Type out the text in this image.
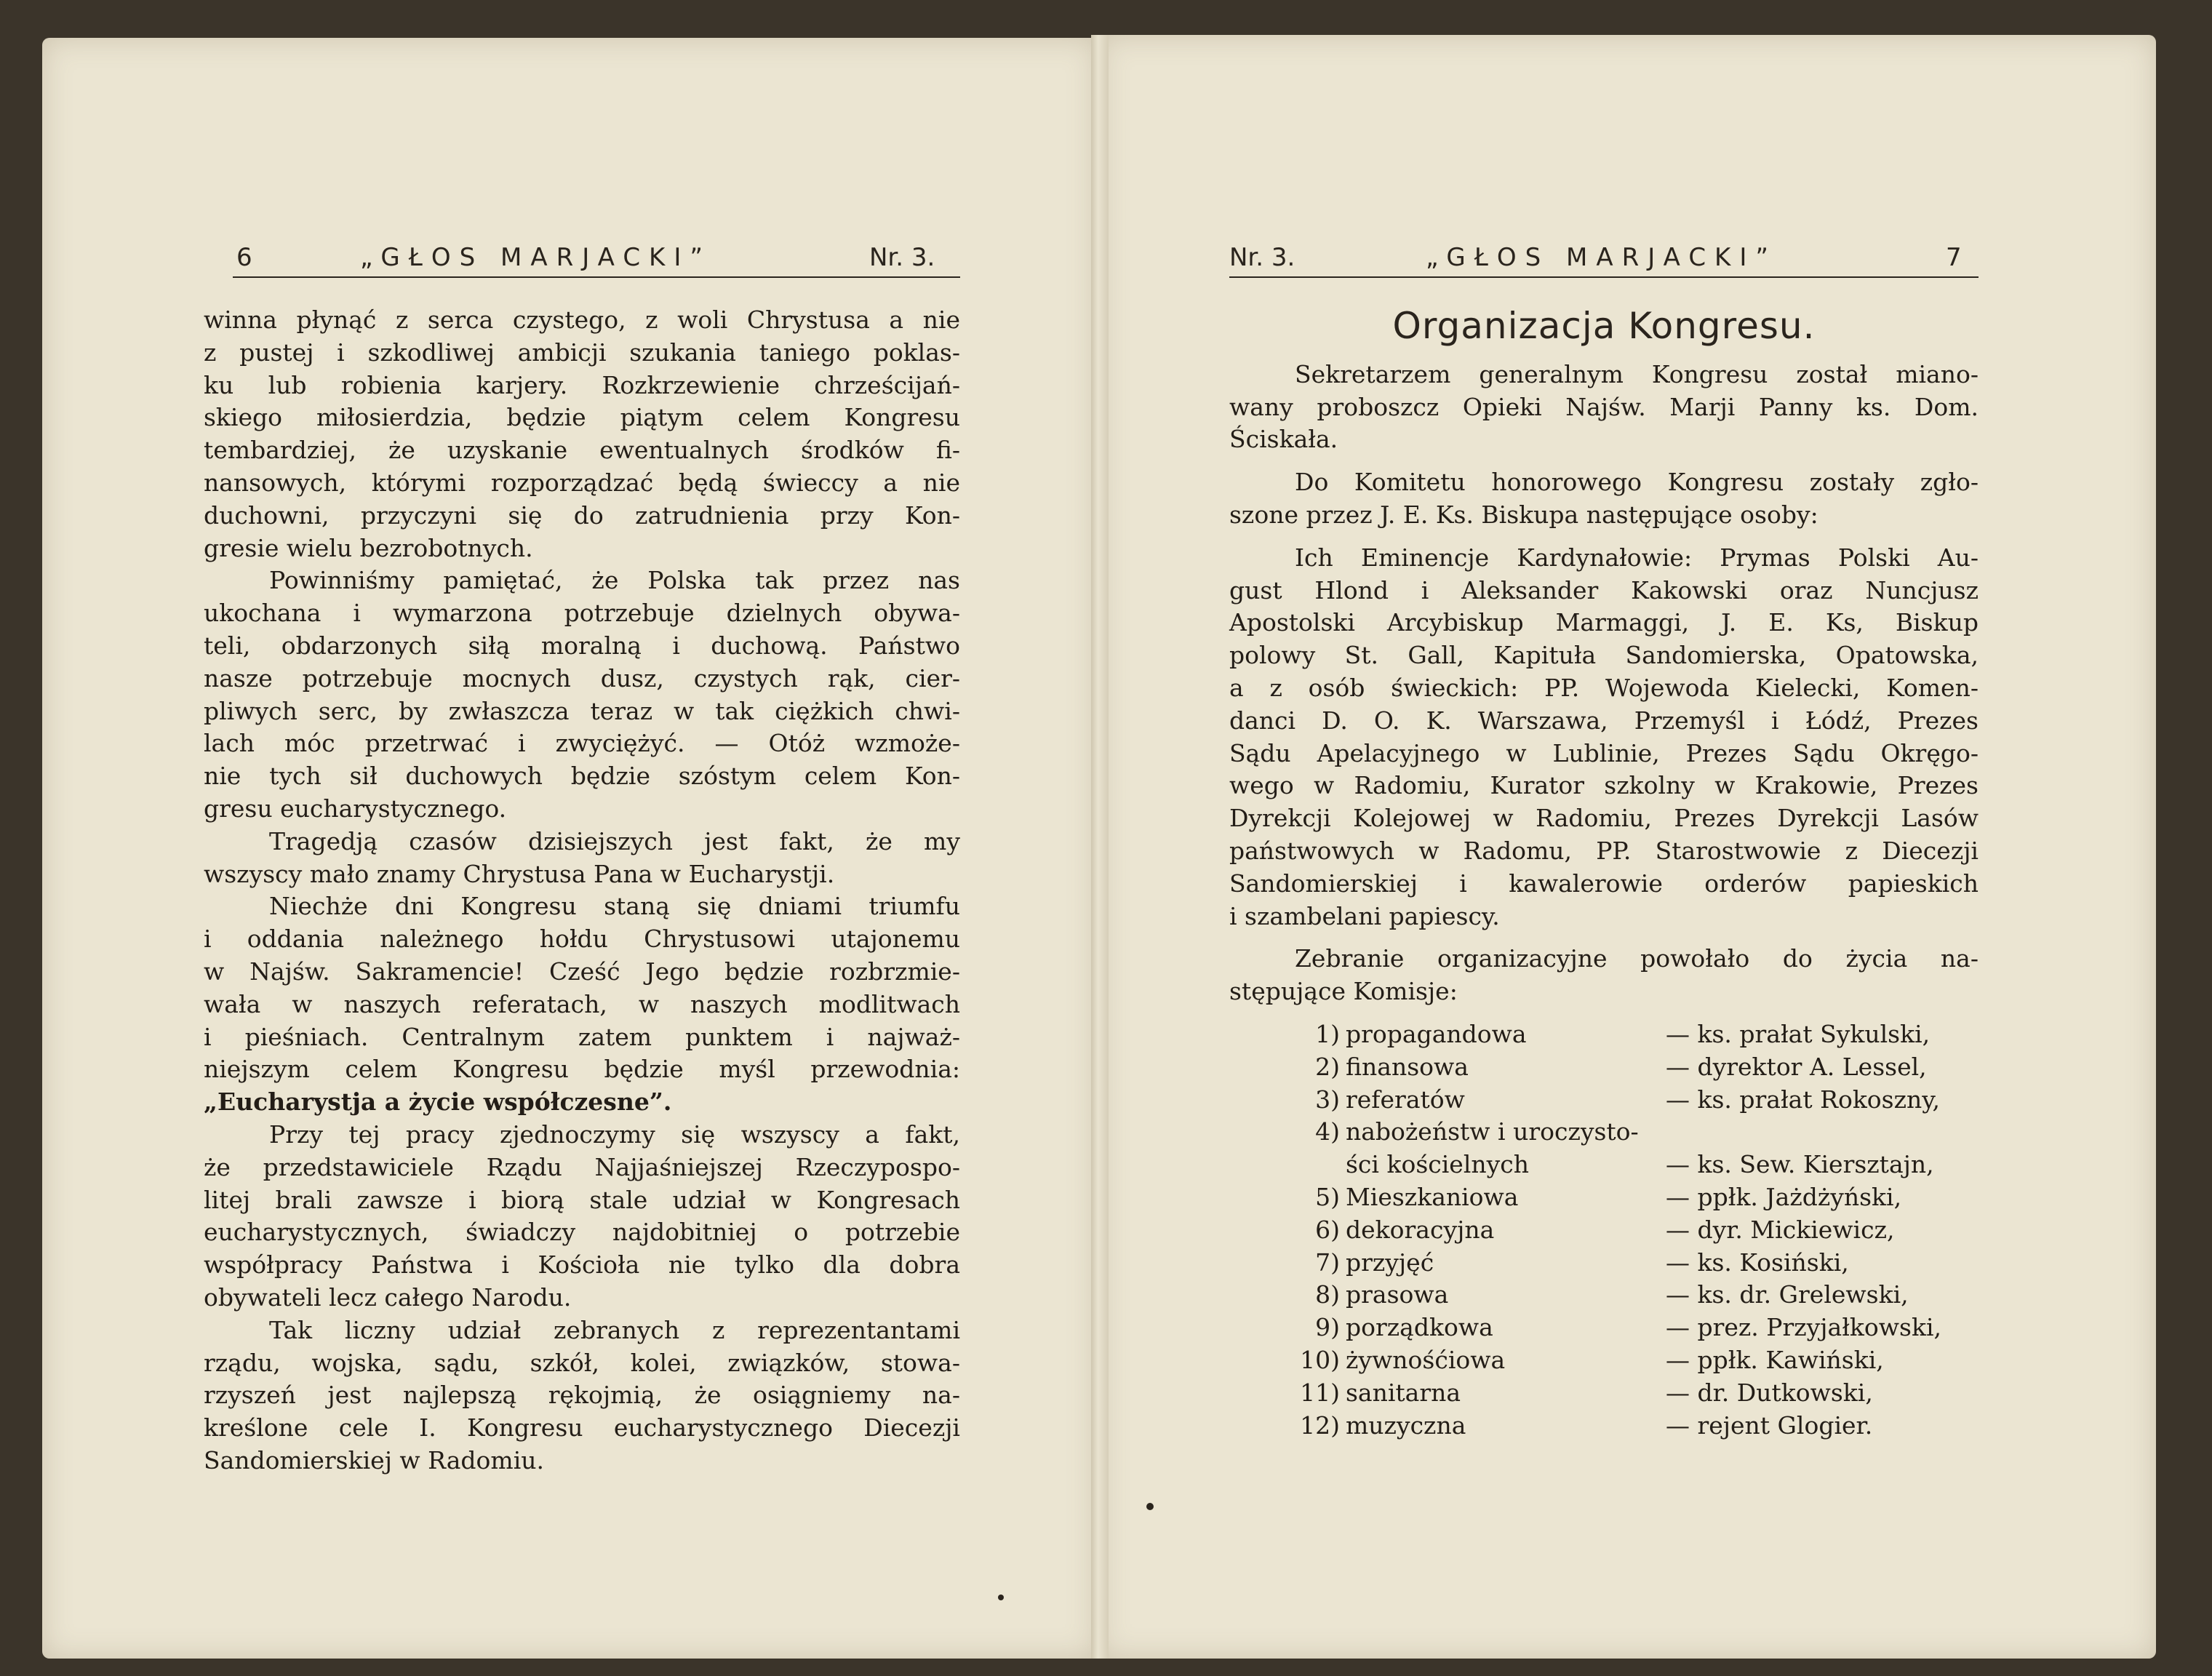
6	„GŁOS MARJACKI”	Nr. 3.	Nr. 3.	„GŁOS MARJACKI”	7
winna płynąć z serca czystego, z woli Chrystusa a nie
z pustej i szkodliwej ambicji szukania taniego poklas-
ku lub robienia karjery. Rozkrzewienie chrześcijań-
skiego miłosierdzia, będzie piątym celem Kongresu
tembardziej, że uzyskanie ewentualnych środków fi-
nansowych, którymi rozporządzać będą świeccy a nie
duchowni, przyczyni się do zatrudnienia przy Kon-
gresie wielu bezrobotnych.
Powinniśmy pamiętać, że Polska tak przez nas
ukochana i wymarzona potrzebuje dzielnych obywa-
teli, obdarzonych siłą moralną i duchową. Państwo
nasze potrzebuje mocnych dusz, czystych rąk, cier-
pliwych serc, by zwłaszcza teraz w tak ciężkich chwi-
lach móc przetrwać i zwyciężyć. — Otóż wzmoże-
nie tych sił duchowych będzie szóstym celem Kon-
gresu eucharystycznego.
Tragedją czasów dzisiejszych jest fakt, że my
wszyscy mało znamy Chrystusa Pana w Eucharystji.
Niechże dni Kongresu staną się dniami triumfu
i oddania należnego hołdu Chrystusowi utajonemu
w Najśw. Sakramencie! Cześć Jego będzie rozbrzmie-
wała w naszych referatach, w naszych modlitwach
i pieśniach. Centralnym zatem punktem i najważ-
niejszym celem Kongresu będzie myśl przewodnia:
„Eucharystja a życie współczesne”.
Przy tej pracy zjednoczymy się wszyscy a fakt,
że przedstawiciele Rządu Najjaśniejszej Rzeczypospo-
litej brali zawsze i biorą stale udział w Kongresach
eucharystycznych, świadczy najdobitniej o potrzebie
współpracy Państwa i Kościoła nie tylko dla dobra
obywateli lecz całego Narodu.
Tak liczny udział zebranych z reprezentantami
rządu, wojska, sądu, szkół, kolei, związków, stowa-
rzyszeń jest najlepszą rękojmią, że osiągniemy na-
kreślone cele I. Kongresu eucharystycznego Diecezji
Sandomierskiej w Radomiu.
Organizacja Kongresu.
Sekretarzem generalnym Kongresu został miano-
wany proboszcz Opieki Najśw. Marji Panny ks. Dom.
Ściskała.
Do Komitetu honorowego Kongresu zostały zgło-
szone przez J. E. Ks. Biskupa następujące osoby:
Ich Eminencje Kardynałowie: Prymas Polski Au-
gust Hlond i Aleksander Kakowski oraz Nuncjusz
Apostolski Arcybiskup Marmaggi, J. E. Ks, Biskup
polowy St. Gall, Kapituła Sandomierska, Opatowska,
a z osób świeckich: PP. Wojewoda Kielecki, Komen-
danci D. O. K. Warszawa, Przemyśl i Łódź, Prezes
Sądu Apelacyjnego w Lublinie, Prezes Sądu Okręgo-
wego w Radomiu, Kurator szkolny w Krakowie, Prezes
Dyrekcji Kolejowej w Radomiu, Prezes Dyrekcji Lasów
państwowych w Radomu, PP. Starostwowie z Diecezji
Sandomierskiej i kawalerowie orderów papieskich
i szambelani papiescy.
Zebranie organizacyjne powołało do życia na-
stępujące Komisje:
1) propagandowa	— ks. prałat Sykulski,
2) finansowa	— dyrektor A. Lessel,
3) referatów	— ks. prałat Rokoszny,
4) nabożeństw i uroczysto-
ści kościelnych	— ks. Sew. Kiersztajn,
5) Mieszkaniowa	— ppłk. Jażdżyński,
6) dekoracyjna	— dyr. Mickiewicz,
7) przyjęć	— ks. Kosiński,
8) prasowa	— ks. dr. Grelewski,
9) porządkowa	— prez. Przyjałkowski,
10) żywnośćiowa	— ppłk. Kawiński,
11) sanitarna	— dr. Dutkowski,
12) muzyczna	— rejent Glogier.
